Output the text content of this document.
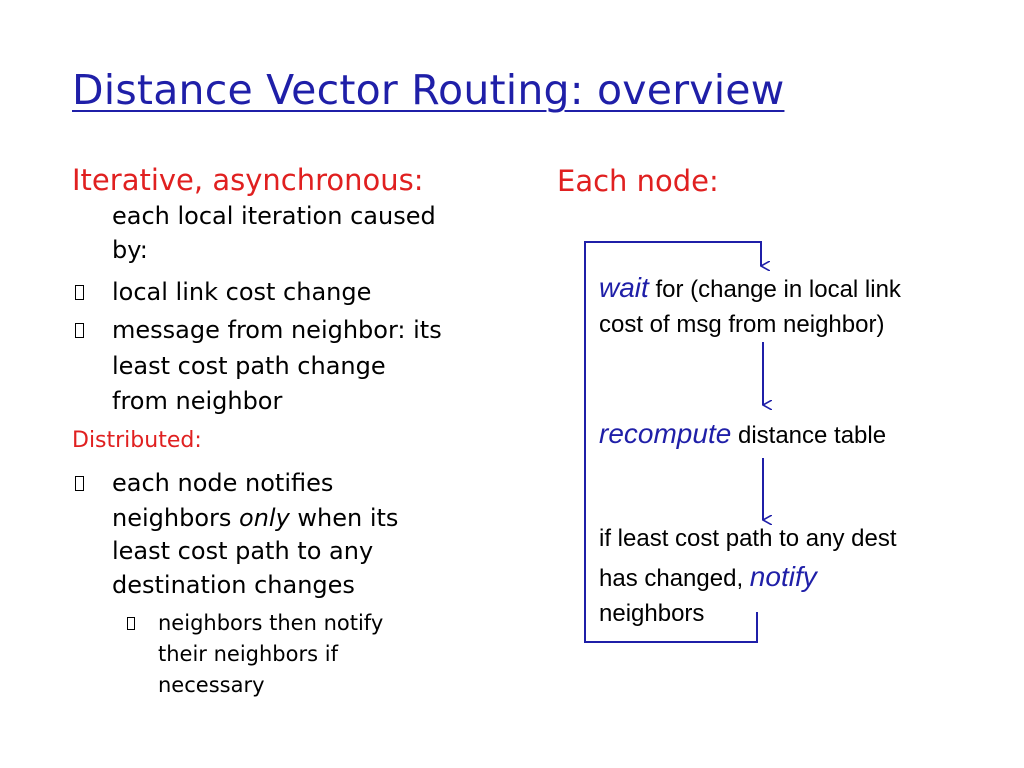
Distance Vector Routing: overview
Iterative, asynchronous:
each local iteration caused
by:
local link cost change
message from neighbor: its
least cost path change
from neighbor
Distributed:
each node notifies
neighbors only when its
least cost path to any
destination changes
neighbors then notify
their neighbors if
necessary
Each node:
wait for (change in local link
cost of msg from neighbor)
recompute distance table
if least cost path to any dest
has changed, notify
neighbors
